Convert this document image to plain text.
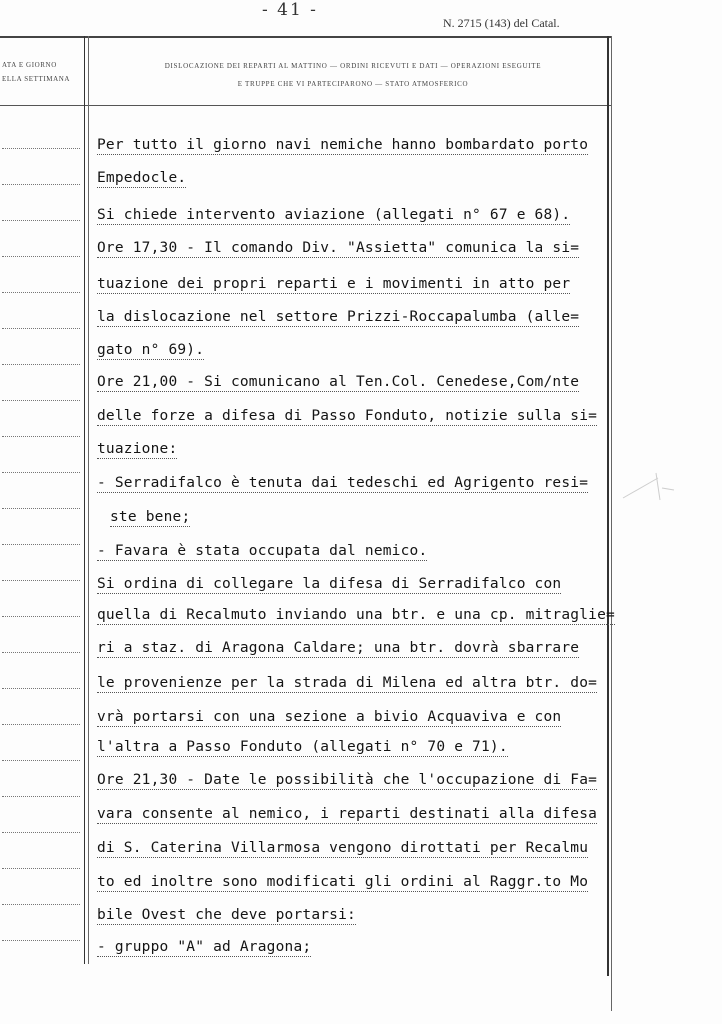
- 41 -
N. 2715 (143) del Catal.
ATA E GIORNO
ELLA SETTIMANA
DISLOCAZIONE DEI REPARTI AL MATTINO — ORDINI RICEVUTI E DATI — OPERAZIONI ESEGUITE
E TRUPPE CHE VI PARTECIPARONO — STATO ATMOSFERICO
Per tutto il giorno navi nemiche hanno bombardato porto
Empedocle.
Si chiede intervento aviazione (allegati n° 67 e 68).
Ore 17,30 - Il comando Div. "Assietta" comunica la si=
tuazione dei propri reparti e i movimenti in atto per
la dislocazione nel settore Prizzi-Roccapalumba (alle=
gato n° 69).
Ore 21,00 - Si comunicano al Ten.Col. Cenedese,Com/nte
delle forze a difesa di Passo Fonduto, notizie sulla si=
tuazione:
- Serradifalco è tenuta dai tedeschi ed Agrigento resi=
ste bene;
- Favara è stata occupata dal nemico.
Si ordina di collegare la difesa di Serradifalco con
quella di Recalmuto inviando una btr. e una cp. mitraglie=
ri a staz. di Aragona Caldare; una btr. dovrà sbarrare
le provenienze per la strada di Milena ed altra btr. do=
vrà portarsi con una sezione a bivio Acquaviva e con
l'altra a Passo Fonduto (allegati n° 70 e 71).
Ore 21,30 - Date le possibilità che l'occupazione di Fa=
vara consente al nemico, i reparti destinati alla difesa
di S. Caterina Villarmosa vengono dirottati per Recalmu
to ed inoltre sono modificati gli ordini al Raggr.to Mo
bile Ovest che deve portarsi:
- gruppo "A" ad Aragona;
